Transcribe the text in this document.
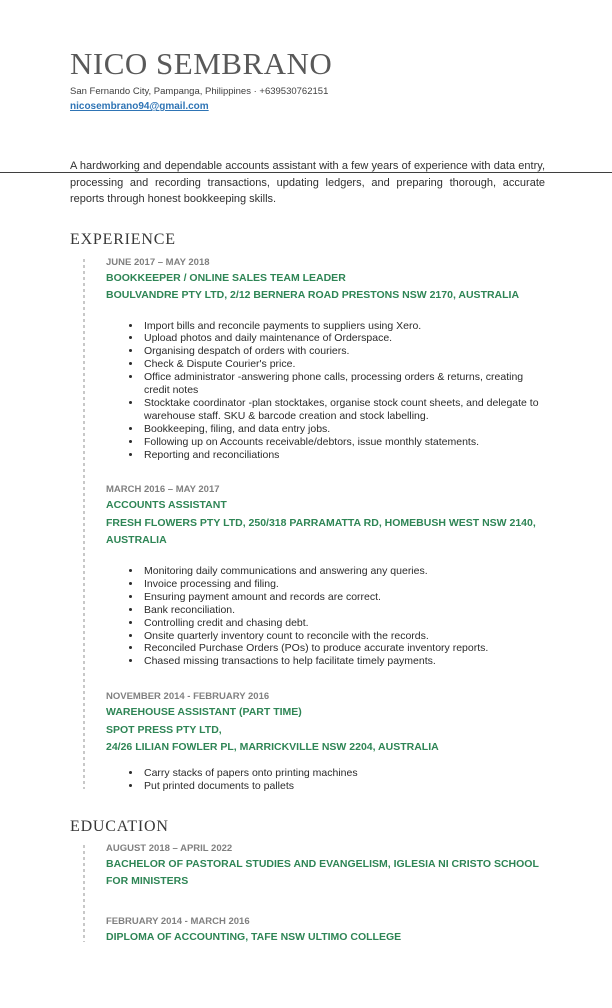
NICO SEMBRANO
San Fernando City, Pampanga, Philippines · +639530762151
nicosembrano94@gmail.com

A hardworking and dependable accounts assistant with a few years of experience with data entry, processing and recording transactions, updating ledgers, and preparing thorough, accurate reports through honest bookkeeping skills.

EXPERIENCE
JUNE 2017 – MAY 2018
BOOKKEEPER / ONLINE SALES TEAM LEADER
BOULVANDRE PTY LTD, 2/12 BERNERA ROAD PRESTONS NSW 2170, AUSTRALIA
• Import bills and reconcile payments to suppliers using Xero.
• Upload photos and daily maintenance of Orderspace.
• Organising despatch of orders with couriers.
• Check & Dispute Courier's price.
• Office administrator -answering phone calls, processing orders & returns, creating credit notes
• Stocktake coordinator -plan stocktakes, organise stock count sheets, and delegate to warehouse staff. SKU & barcode creation and stock labelling.
• Bookkeeping, filing, and data entry jobs.
• Following up on Accounts receivable/debtors, issue monthly statements.
• Reporting and reconciliations
MARCH 2016 – MAY 2017
ACCOUNTS ASSISTANT
FRESH FLOWERS PTY LTD, 250/318 PARRAMATTA RD, HOMEBUSH WEST NSW 2140, AUSTRALIA
• Monitoring daily communications and answering any queries.
• Invoice processing and filing.
• Ensuring payment amount and records are correct.
• Bank reconciliation.
• Controlling credit and chasing debt.
• Onsite quarterly inventory count to reconcile with the records.
• Reconciled Purchase Orders (POs) to produce accurate inventory reports.
• Chased missing transactions to help facilitate timely payments.
NOVEMBER 2014 - FEBRUARY 2016
WAREHOUSE ASSISTANT (PART TIME)
SPOT PRESS PTY LTD,
24/26 LILIAN FOWLER PL, MARRICKVILLE NSW 2204, AUSTRALIA
• Carry stacks of papers onto printing machines
• Put printed documents to pallets
EDUCATION
AUGUST 2018 – APRIL 2022
BACHELOR OF PASTORAL STUDIES AND EVANGELISM, IGLESIA NI CRISTO SCHOOL FOR MINISTERS
FEBRUARY 2014 - MARCH 2016
DIPLOMA OF ACCOUNTING, TAFE NSW ULTIMO COLLEGE
